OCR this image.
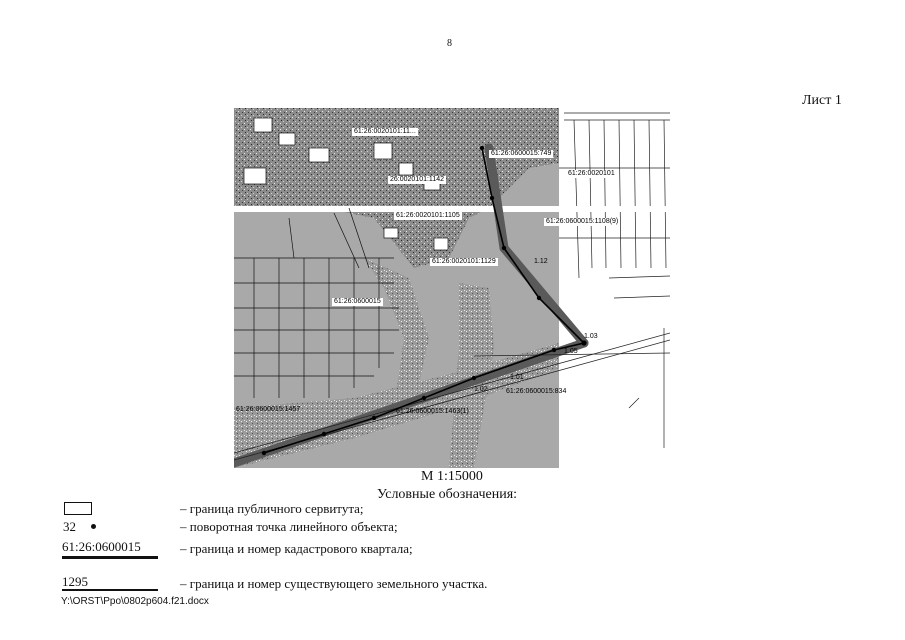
8
Лист 1
61:26:0020101:11...
61:26:0600015:749
26:0020101:1142
61:26:0020101
61:26:0020101:1105
61:26:0600015:1108(9)
61:26:0020101:1129
61:26:0600015
61:26:0600015:834
61:26:0600015:1457	61:26:0600015:1463(1)
1.12
1.01
1.02
1.03
1.05
М 1:15000
Условные обозначения:
– граница публичного сервитута;
32	– поворотная точка линейного объекта;
61:26:0600015	– граница и номер кадастрового квартала;
1295	– граница и номер существующего земельного участка.
Y:\ORST\Ppo\0802p604.f21.docx
